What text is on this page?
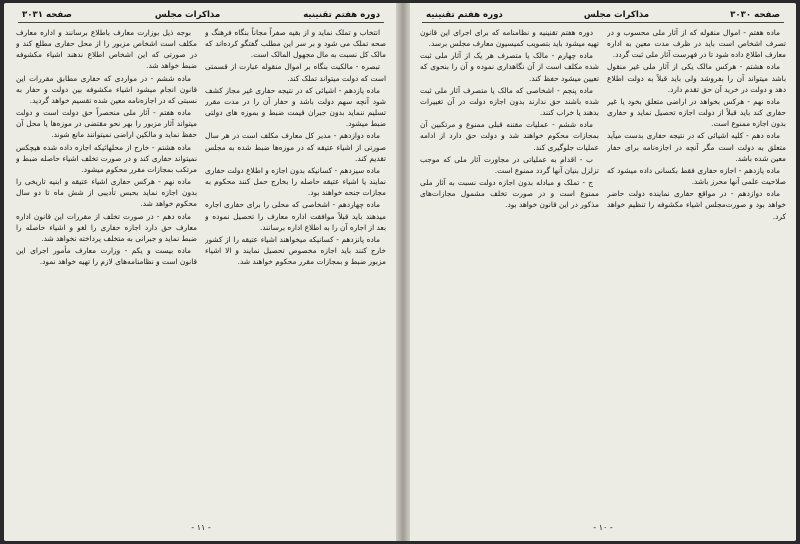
دوره هفتم تقنینیه
مذاکرات مجلس
صفحه ۳۰۳۱

انتخاب و تملک نماید و از بقیه صفراً مجاناً بنگاه فرهنگ و صحه تملک می شود و بر سر این مطلب گفتگو کرده‌اند که مالک کل نسبت به مال مجهول المالک است.

تبصره - مالکیت بنگاه بر اموال منقوله عبارت از قسمتی است که دولت میتواند تملک کند.

ماده یازدهم - اشیائی که در نتیجه حفاری غیر مجاز کشف شود آنچه سهم دولت باشد و حفار آن را در مدت مقرر تسلیم ننماید بدون جبران قیمت ضبط و بموزه های دولتی ضبط میشود.

ماده دوازدهم - مدیر کل معارف مکلف است در هر سال صورتی از اشیاء عتیقه که در موزه‌ها ضبط شده به مجلس تقدیم کند.

ماده سیزدهم - کسانیکه بدون اجازه و اطلاع دولت حفاری نمایند یا اشیاء عتیقه حاصله را بخارج حمل کنند محکوم به مجازات جنحه خواهند بود.

ماده چهاردهم - اشخاصی که محلی را برای حفاری اجاره میدهند باید قبلاً موافقت اداره معارف را تحصیل نموده و بعد از اجاره آن را به اطلاع اداره برسانند.

ماده پانزدهم - کسانیکه میخواهند اشیاء عتیقه را از کشور خارج کنند باید اجازه مخصوص تحصیل نمایند و الا اشیاء مزبور ضبط و بمجازات مقرر محکوم خواهند شد.

بوجه ذیل بوزارت معارف باطلاع برسانند و اداره معارف مکلف است اشخاص مزبور را از محل حفاری مطلع کند و در صورتی که این اشخاص اطلاع ندهند اشیاء مکشوفه ضبط خواهد شد.

ماده ششم - در مواردی که حفاری مطابق مقررات این قانون انجام میشود اشیاء مکشوفه بین دولت و حفار به نسبتی که در اجازه‌نامه معین شده تقسیم خواهد گردید.

ماده هفتم - آثار ملی منحصراً حق دولت است و دولت میتواند آثار مزبور را بهر نحو مقتضی در موزه‌ها یا محل آن حفظ نماید و مالکین اراضی نمیتوانند مانع شوند.

ماده هشتم - خارج از محلهائیکه اجازه داده شده هیچکس نمیتواند حفاری کند و در صورت تخلف اشیاء حاصله ضبط و مرتکب بمجازات مقرر محکوم میشود.

ماده نهم - هرکس حفاری اشیاء عتیقه و ابنیه تاریخی را بدون اجازه نماید بحبس تأدیبی از شش ماه تا دو سال محکوم خواهد شد.

ماده دهم - در صورت تخلف از مقررات این قانون اداره معارف حق دارد اجازه حفاری را لغو و اشیاء حاصله را ضبط نماید و جبرانی به متخلف پرداخته نخواهد شد.

ماده بیست و یکم - وزارت معارف مأمور اجرای این قانون است و نظامنامه‌های لازم را تهیه خواهد نمود.

- ۱۱ -
صفحه ۳۰۳۰
مذاکرات مجلس
دوره هفتم تقنینیه

ماده هفتم - اموال منقوله که از آثار ملی محسوب و در تصرف اشخاص است باید در ظرف مدت معین به اداره معارف اطلاع داده شود تا در فهرست آثار ملی ثبت گردد.

ماده هشتم - هرکس مالک یکی از آثار ملی غیر منقول باشد میتواند آن را بفروشد ولی باید قبلاً به دولت اطلاع دهد و دولت در خرید آن حق تقدم دارد.

ماده نهم - هرکس بخواهد در اراضی متعلق بخود یا غیر حفاری کند باید قبلاً از دولت اجازه تحصیل نماید و حفاری بدون اجازه ممنوع است.

ماده دهم - کلیه اشیائی که در نتیجه حفاری بدست میآید متعلق به دولت است مگر آنچه در اجازه‌نامه برای حفار معین شده باشد.

ماده یازدهم - اجازه حفاری فقط بکسانی داده میشود که صلاحیت علمی آنها محرز باشد.

ماده دوازدهم - در مواقع حفاری نماینده دولت حاضر خواهد بود و صورت‌مجلس اشیاء مکشوفه را تنظیم خواهد کرد.

دوره هفتم تقنینیه و نظامنامه که برای اجرای این قانون تهیه میشود باید بتصویب کمیسیون معارف مجلس برسد.

ماده چهارم - مالک یا متصرف هر یک از آثار ملی ثبت شده مکلف است از آن نگاهداری نموده و آن را بنحوی که تعیین میشود حفظ کند.

ماده پنجم - اشخاصی که مالک یا متصرف آثار ملی ثبت شده باشند حق ندارند بدون اجازه دولت در آن تغییرات بدهند یا خراب کنند.

ماده ششم - عملیات مقننه قبلی ممنوع و مرتکبین آن بمجازات محکوم خواهند شد و دولت حق دارد از ادامه عملیات جلوگیری کند.

ب - اقدام به عملیاتی در مجاورت آثار ملی که موجب تزلزل بنیان آنها گردد ممنوع است.

ج - تملک و مبادله بدون اجازه دولت نسبت به آثار ملی ممنوع است و در صورت تخلف مشمول مجازات‌های مذکور در این قانون خواهد بود.

- ۱۰ -
